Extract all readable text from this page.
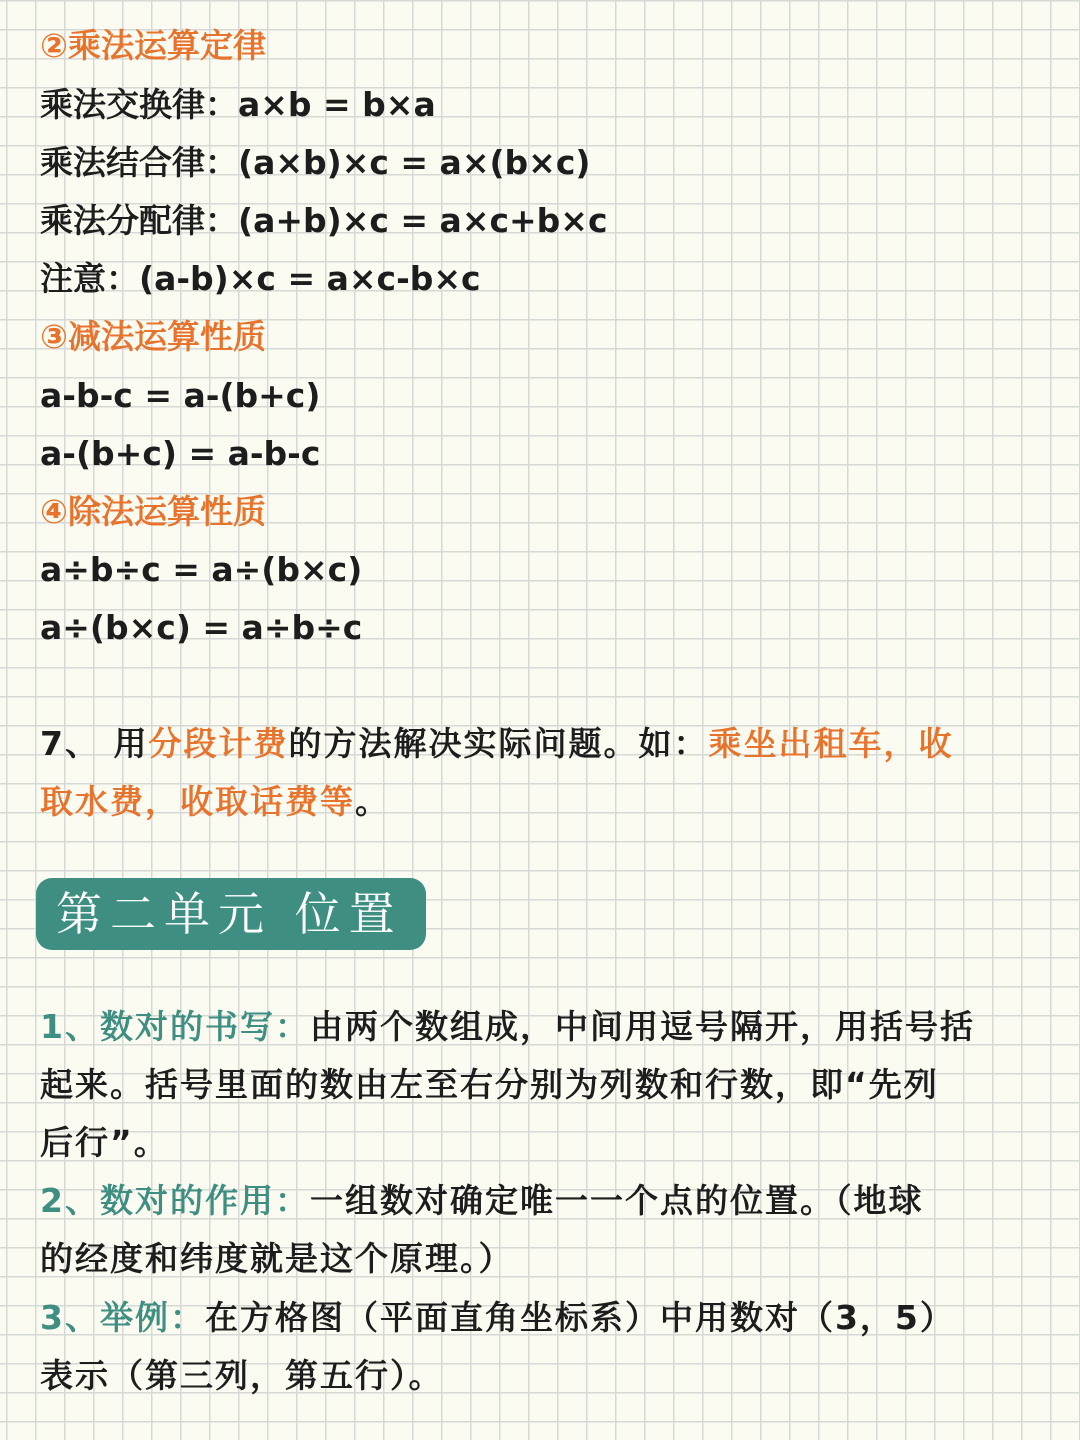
②乘法运算定律
乘法交换律：a×b = b×a
乘法结合律：(a×b)×c = a×(b×c)
乘法分配律：(a+b)×c = a×c+b×c
注意：(a-b)×c = a×c-b×c
③减法运算性质
a-b-c = a-(b+c)
a-(b+c) = a-b-c
④除法运算性质
a÷b÷c = a÷(b×c)
a÷(b×c) = a÷b÷c
7、 用分段计费的方法解决实际问题。如：乘坐出租车，收
取水费，收取话费等。
第二单元 位置
1、数对的书写：由两个数组成，中间用逗号隔开，用括号括
起来。括号里面的数由左至右分别为列数和行数，即“先列
后行”。
2、数对的作用：一组数对确定唯一一个点的位置。（地球
的经度和纬度就是这个原理。）
3、举例：在方格图（平面直角坐标系）中用数对（3，5）
表示（第三列，第五行）。
